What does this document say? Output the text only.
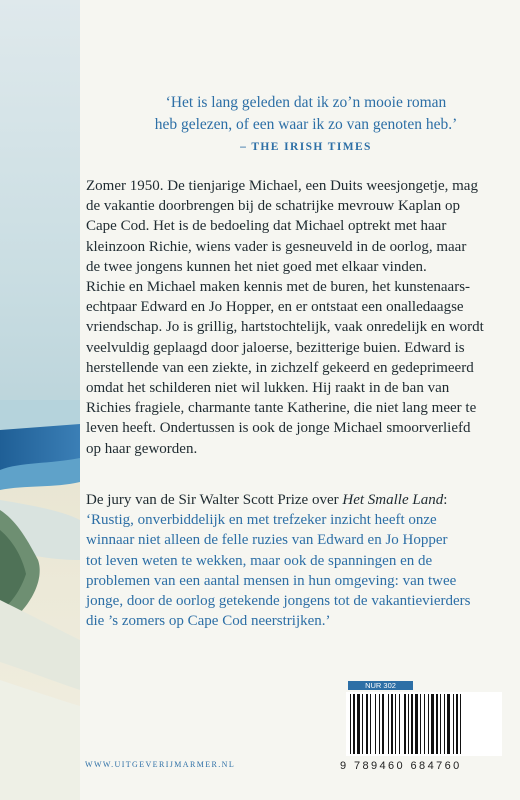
‘Het is lang geleden dat ik zo’n mooie roman
heb gelezen, of een waar ik zo van genoten heb.’
– THE IRISH TIMES

Zomer 1950. De tienjarige Michael, een Duits weesjongetje, mag

de vakantie doorbrengen bij de schatrijke mevrouw Kaplan op

Cape Cod. Het is de bedoeling dat Michael optrekt met haar

kleinzoon Richie, wiens vader is gesneuveld in de oorlog, maar

de twee jongens kunnen het niet goed met elkaar vinden.

Richie en Michael maken kennis met de buren, het kunstenaars-

echtpaar Edward en Jo Hopper, en er ontstaat een onalledaagse

vriendschap. Jo is grillig, hartstochtelijk, vaak onredelijk en wordt

veelvuldig geplaagd door jaloerse, bezitterige buien. Edward is

herstellende van een ziekte, in zichzelf gekeerd en gedeprimeerd

omdat het schilderen niet wil lukken. Hij raakt in de ban van

Richies fragiele, charmante tante Katherine, die niet lang meer te

leven heeft. Ondertussen is ook de jonge Michael smoorverliefd

op haar geworden.

De jury van de Sir Walter Scott Prize over Het Smalle Land:

‘Rustig, onverbiddelijk en met trefzeker inzicht heeft onze

winnaar niet alleen de felle ruzies van Edward en Jo Hopper

tot leven weten te wekken, maar ook de spanningen en de

problemen van een aantal mensen in hun omgeving: van twee

jonge, door de oorlog getekende jongens tot de vakantievierders

die ’s zomers op Cape Cod neerstrijken.’

NUR 302
9 789460 684760
WWW.UITGEVERIJMARMER.NL
